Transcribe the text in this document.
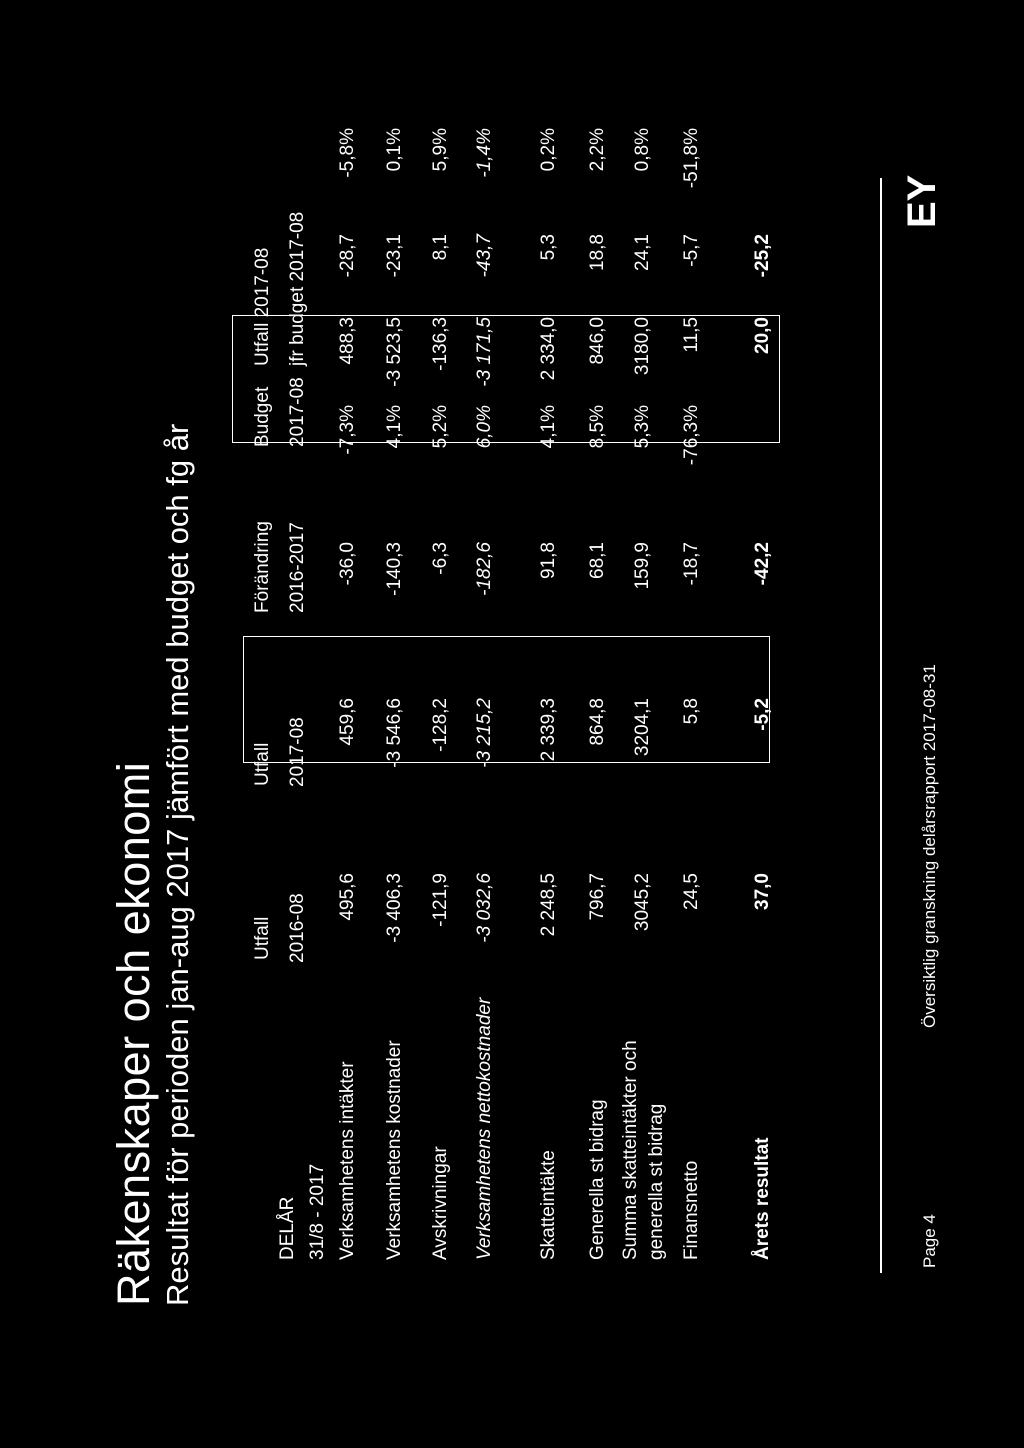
Räkenskaper och ekonomi Resultat för perioden jan-aug 2017 jämfört med budget och fg år	DELÅR 31/8 - 2017
Utfall 2016-08
Utfall 2017-08
Förändring 2016-2017
Budget 2017-08
Utfall 2017-08 jfr budget 2017-08
Verksamhetens intäkter
495,6
459,6
-36,0
-7,3%
488,3
-28,7
-5,8%
Verksamhetens kostnader
-3 406,3
-3 546,6
-140,3
4,1%
-3 523,5
-23,1
0,1%
Avskrivningar
-121,9
-128,2
-6,3
5,2%
-136,3
8,1
5,9%
Verksamhetens nettokostnader
-3 032,6
-3 215,2
-182,6
6,0%
-3 171,5
-43,7
-1,4%
Skatteintäkte
2 248,5
2 339,3
91,8
4,1%
2 334,0
5,3
0,2%
Generella st bidrag
796,7
864,8
68,1
8,5%
846,0
18,8
2,2%
Summa skatteintäkter och generella st bidrag
3045,2
3204,1
159,9
5,3%
3180,0
24,1
0,8%
Finansnetto
24,5
5,8
-18,7
-76,3%
11,5
-5,7
-51,8%
Årets resultat
37,0
-5,2
-42,2
20,0
-25,2
Page 4
Översiktlig granskning delårsrapport 2017-08-31
EY
